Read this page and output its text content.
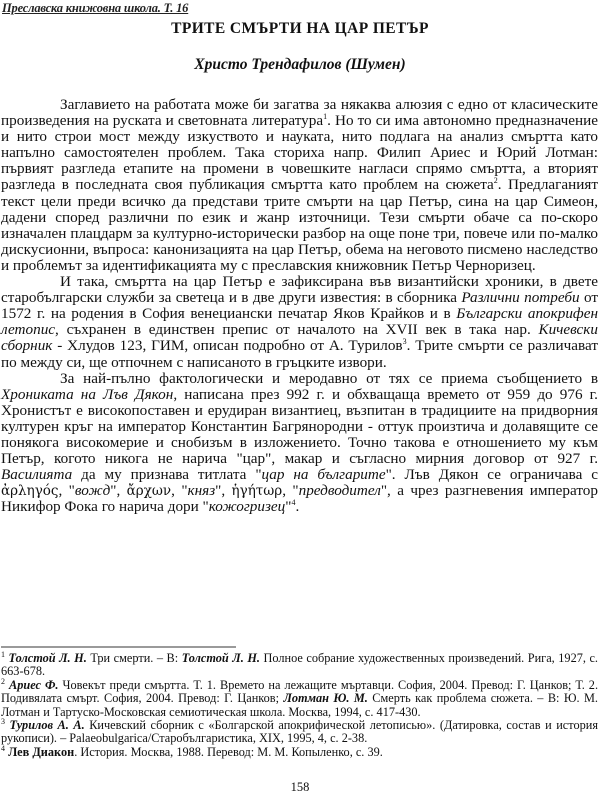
Преславска книжовна школа. Т. 16
ТРИТЕ СМЪРТИ НА ЦАР ПЕТЪР
Христо Трендафилов (Шумен)

Заглавието на работата може би загатва за някаква алюзия с едно от класическите произведения на руската и световната литература$^1$. Но то си има автономно предназначение и нито строи мост между изкуството и науката, нито подлага на анализ смъртта като напълно самостоятелен проблем. Така сториха напр. Филип Ариес и Юрий Лотман: първият разгледа етапите на промени в човешките нагласи спрямо смъртта, а вторият разгледа в последната своя публикация смъртта като проблем на сюжета$^2$. Предлаганият текст цели преди всичко да представи трите смърти на цар Петър, сина на цар Симеон, дадени според различни по език и жанр източници. Тези смърти обаче са по-скоро изначален плацдарм за културно-исторически разбор на още поне три, повече или по-малко дискусионни, въпроса: канонизацията на цар Петър, обема на неговото писмено наследство и проблемът за идентификацията му с преславския книжовник Петър Черноризец.

И така, смъртта на цар Петър е зафиксирана във византийски хроники, в двете старобългарски служби за светеца и в две други известия: в сборника Различни потреби от 1572 г. на родения в София венециански печатар Яков Крайков и в Български апокрифен летопис, съхранен в единствен препис от началото на XVII век в така нар. Кичевски сборник - Хлудов 123, ГИМ, описан подробно от А. Турилов$^3$. Трите смърти се различават по между си, ще отпочнем с написаното в гръцките извори.

За най-пълно фактологически и меродавно от тях се приема съобщението в Хрониката на Лъв Дякон, написана през 992 г. и обхващаща времето от 959 до 976 г. Хронистът е високопоставен и ерудиран византиец, възпитан в традициите на придворния културен кръг на император Константин Багрянородни - оттук произтича и долавящите се понякога високомерие и снобизъм в изложението. Точно такова е отношението му към Петър, когото никога не нарича "цар", макар и съгласно мирния договор от 927 г. Василията да му признава титлата "цар на българите". Лъв Дякон се ограничава с ἀρληγός, "вожд", ἄρχων, "княз", ἡγήτωρ, "предводител", а чрез разгневения император Никифор Фока го нарича дори "кожогризец"$^4$.

$^1$ Толстой Л. Н. Три смерти. – В: Толстой Л. Н. Полное собрание художественных произведений. Рига, 1927, с. 663-678.

$^2$ Ариес Ф. Човекът преди смъртта. Т. 1. Времето на лежащите мъртавци. София, 2004. Превод: Г. Цанков; Т. 2. Подивялата смърт. София, 2004. Превод: Г. Цанков; Лотман Ю. М. Смерть как проблема сюжета. – В: Ю. М. Лотман и Тартуско-Московская семиотическая школа. Москва, 1994, с. 417-430.

$^3$ Турилов А. А. Кичевский сборник с «Болгарской апокрифической летописью». (Датировка, состав и история рукописи). – Palaeobulgarica/Старобългаристика, XIX, 1995, 4, с. 2-38.

$^4$ Лев Диакон. История. Москва, 1988. Перевод: М. М. Копыленко, с. 39.

158
